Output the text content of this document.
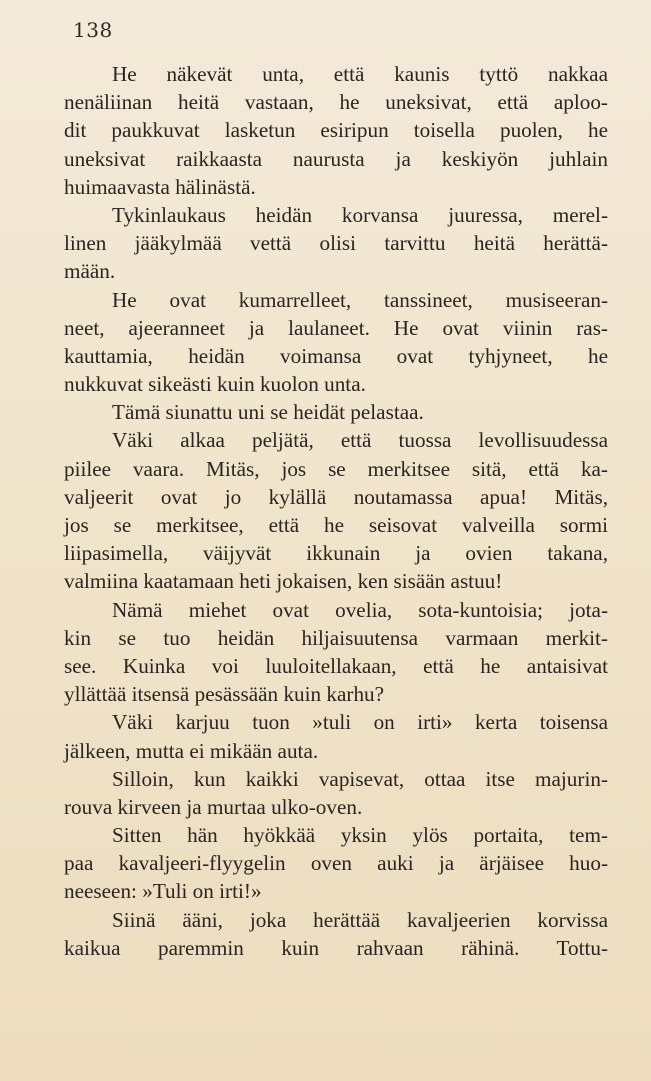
138
He näkevät unta, että kaunis tyttö nakkaa
nenäliinan heitä vastaan, he uneksivat, että aploo-
dit paukkuvat lasketun esiripun toisella puolen, he
uneksivat raikkaasta naurusta ja keskiyön juhlain
huimaavasta hälinästä.
Tykinlaukaus heidän korvansa juuressa, merel-
linen jääkylmää vettä olisi tarvittu heitä herättä-
mään.
He ovat kumarrelleet, tanssineet, musiseeran-
neet, ajeeranneet ja laulaneet. He ovat viinin ras-
kauttamia, heidän voimansa ovat tyhjyneet, he
nukkuvat sikeästi kuin kuolon unta.
Tämä siunattu uni se heidät pelastaa.
Väki alkaa peljätä, että tuossa levollisuudessa
piilee vaara. Mitäs, jos se merkitsee sitä, että ka-
valjeerit ovat jo kylällä noutamassa apua! Mitäs,
jos se merkitsee, että he seisovat valveilla sormi
liipasimella, väijyvät ikkunain ja ovien takana,
valmiina kaatamaan heti jokaisen, ken sisään astuu!
Nämä miehet ovat ovelia, sota-kuntoisia; jota-
kin se tuo heidän hiljaisuutensa varmaan merkit-
see. Kuinka voi luuloitellakaan, että he antaisivat
yllättää itsensä pesässään kuin karhu?
Väki karjuu tuon »tuli on irti» kerta toisensa
jälkeen, mutta ei mikään auta.
Silloin, kun kaikki vapisevat, ottaa itse majurin-
rouva kirveen ja murtaa ulko-oven.
Sitten hän hyökkää yksin ylös portaita, tem-
paa kavaljeeri-flyygelin oven auki ja ärjäisee huo-
neeseen: »Tuli on irti!»
Siinä ääni, joka herättää kavaljeerien korvissa
kaikua paremmin kuin rahvaan rähinä. Tottu-
